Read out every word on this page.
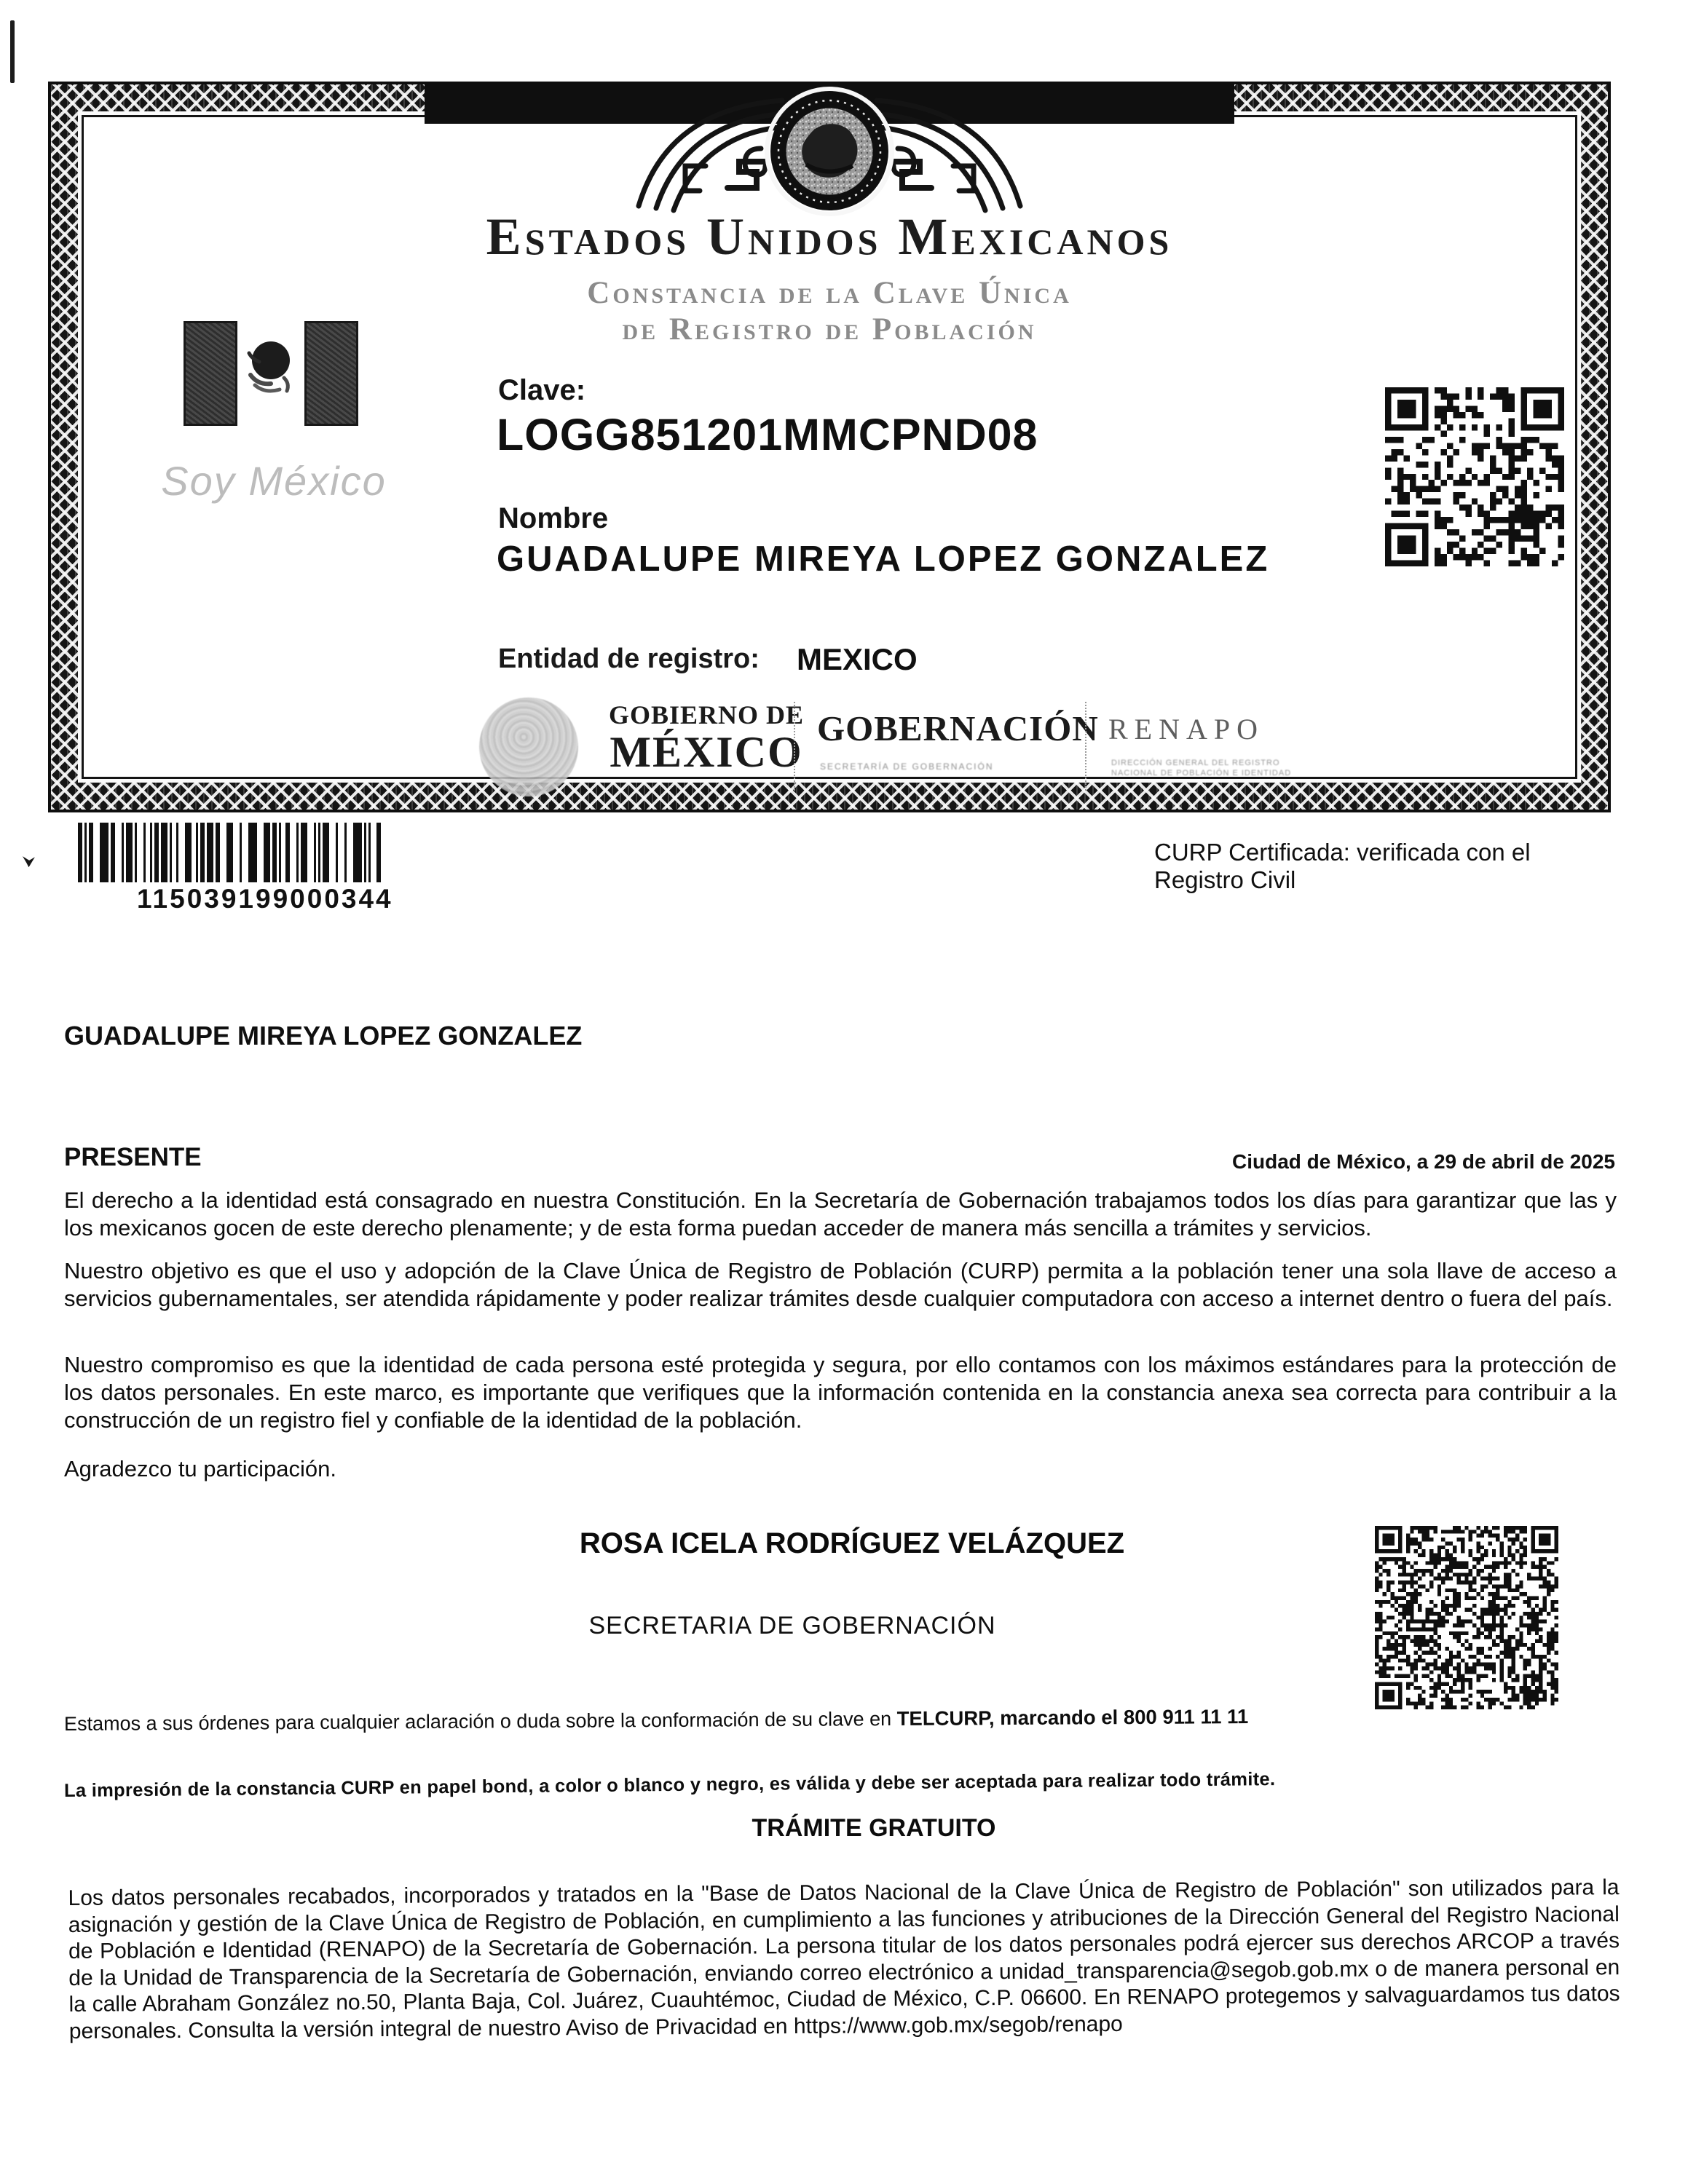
Estados Unidos Mexicanos
Constancia de la Clave Única
de Registro de Población
Soy México
Clave:
LOGG851201MMCPND08
Nombre
GUADALUPE MIREYA LOPEZ GONZALEZ
Entidad de registro: MEXICO
GOBIERNO DE
MÉXICO GOBERNACIÓN
SECRETARÍA DE GOBERNACIÓN
RENAPO
DIRECCIÓN GENERAL DEL REGISTRO
NACIONAL DE POBLACIÓN E IDENTIDAD
115039199000344
CURP Certificada: verificada con el Registro Civil
GUADALUPE MIREYA LOPEZ GONZALEZ
PRESENTE	Ciudad de México, a 29 de abril de 2025
El derecho a la identidad está consagrado en nuestra Constitución. En la Secretaría de Gobernación trabajamos todos los días para garantizar que las y los mexicanos gocen de este derecho plenamente; y de esta forma puedan acceder de manera más sencilla a trámites y servicios.
Nuestro objetivo es que el uso y adopción de la Clave Única de Registro de Población (CURP) permita a la población tener una sola llave de acceso a servicios gubernamentales, ser atendida rápidamente y poder realizar trámites desde cualquier computadora con acceso a internet dentro o fuera del país.
Nuestro compromiso es que la identidad de cada persona esté protegida y segura, por ello contamos con los máximos estándares para la protección de los datos personales. En este marco, es importante que verifiques que la información contenida en la constancia anexa sea correcta para contribuir a la construcción de un registro fiel y confiable de la identidad de la población.
Agradezco tu participación.
ROSA ICELA RODRÍGUEZ VELÁZQUEZ
SECRETARIA DE GOBERNACIÓN
Estamos a sus órdenes para cualquier aclaración o duda sobre la conformación de su clave en TELCURP, marcando el 800 911 11 11
La impresión de la constancia CURP en papel bond, a color o blanco y negro, es válida y debe ser aceptada para realizar todo trámite.
TRÁMITE GRATUITO
Los datos personales recabados, incorporados y tratados en la "Base de Datos Nacional de la Clave Única de Registro de Población" son utilizados para la asignación y gestión de la Clave Única de Registro de Población, en cumplimiento a las funciones y atribuciones de la Dirección General del Registro Nacional de Población e Identidad (RENAPO) de la Secretaría de Gobernación. La persona titular de los datos personales podrá ejercer sus derechos ARCOP a través de la Unidad de Transparencia de la Secretaría de Gobernación, enviando correo electrónico a unidad_transparencia@segob.gob.mx o de manera personal en la calle Abraham González no.50, Planta Baja, Col. Juárez, Cuauhtémoc, Ciudad de México, C.P. 06600. En RENAPO protegemos y salvaguardamos tus datos personales. Consulta la versión integral de nuestro Aviso de Privacidad en https://www.gob.mx/segob/renapo
